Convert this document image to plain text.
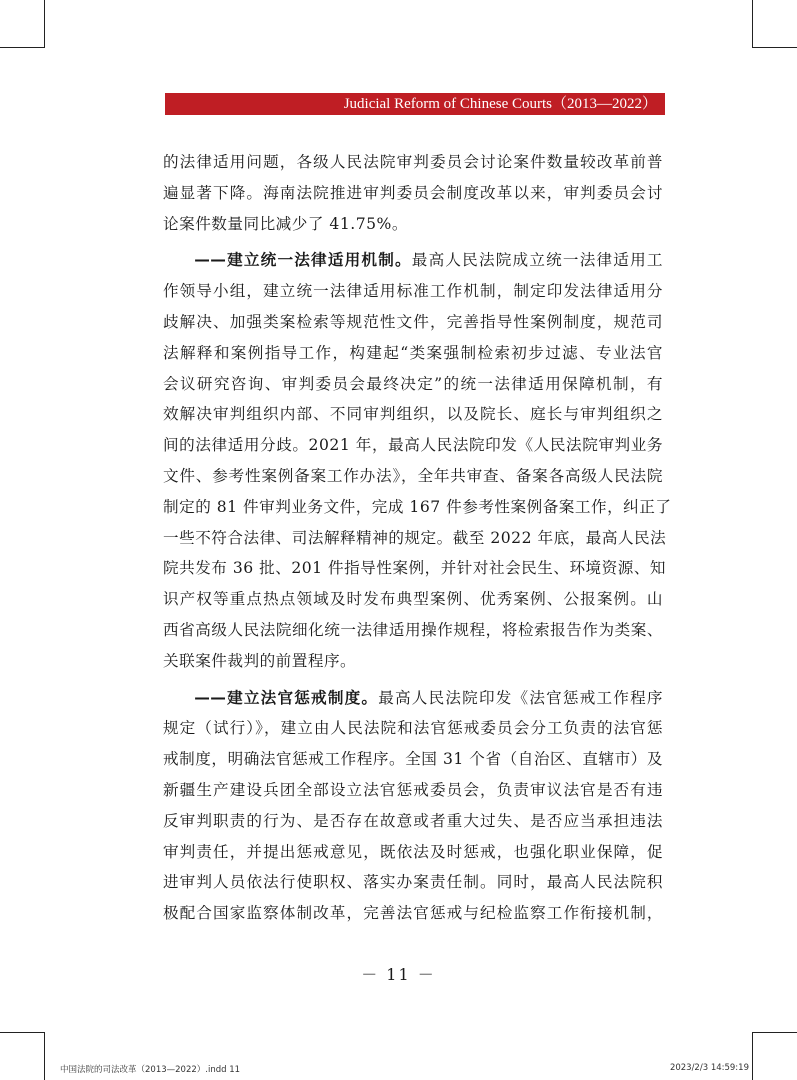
Judicial Reform of Chinese Courts（2013—2022）

的法律适用问题，各级人民法院审判委员会讨论案件数量较改革前普
遍显著下降。海南法院推进审判委员会制度改革以来，审判委员会讨
论案件数量同比减少了 41.75%。

——建立统一法律适用机制。最高人民法院成立统一法律适用工
作领导小组，建立统一法律适用标准工作机制，制定印发法律适用分
歧解决、加强类案检索等规范性文件，完善指导性案例制度，规范司
法解释和案例指导工作，构建起“类案强制检索初步过滤、专业法官
会议研究咨询、审判委员会最终决定”的统一法律适用保障机制，有
效解决审判组织内部、不同审判组织，以及院长、庭长与审判组织之
间的法律适用分歧。2021 年，最高人民法院印发《人民法院审判业务
文件、参考性案例备案工作办法》，全年共审查、备案各高级人民法院
制定的 81 件审判业务文件，完成 167 件参考性案例备案工作，纠正了
一些不符合法律、司法解释精神的规定。截至 2022 年底，最高人民法
院共发布 36 批、201 件指导性案例，并针对社会民生、环境资源、知
识产权等重点热点领域及时发布典型案例、优秀案例、公报案例。山
西省高级人民法院细化统一法律适用操作规程，将检索报告作为类案、
关联案件裁判的前置程序。

——建立法官惩戒制度。最高人民法院印发《法官惩戒工作程序
规定（试行）》，建立由人民法院和法官惩戒委员会分工负责的法官惩
戒制度，明确法官惩戒工作程序。全国 31 个省（自治区、直辖市）及
新疆生产建设兵团全部设立法官惩戒委员会，负责审议法官是否有违
反审判职责的行为、是否存在故意或者重大过失、是否应当承担违法
审判责任，并提出惩戒意见，既依法及时惩戒，也强化职业保障，促
进审判人员依法行使职权、落实办案责任制。同时，最高人民法院积
极配合国家监察体制改革，完善法官惩戒与纪检监察工作衔接机制，

－ 11 －
中国法院的司法改革（2013—2022）.indd 11	2023/2/3 14:59:19
